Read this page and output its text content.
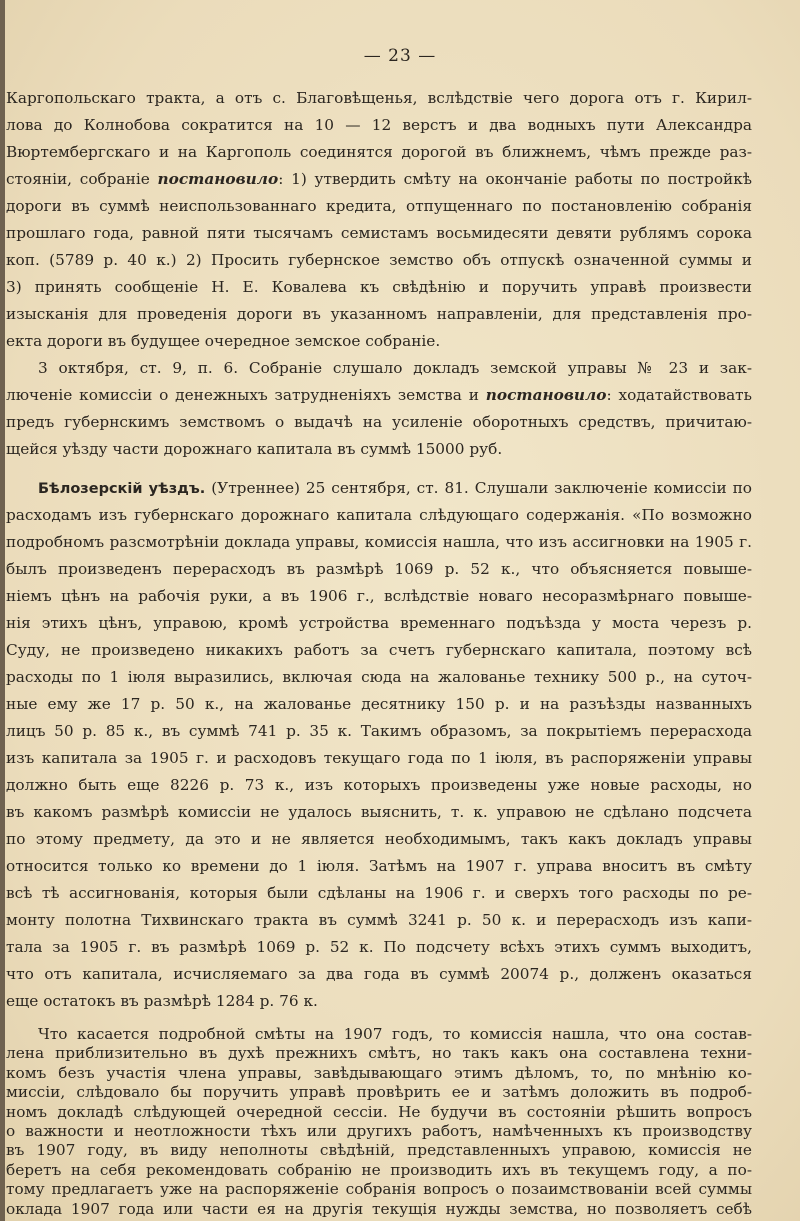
— 23 —
Каргопольскаго тракта, а отъ с. Благовѣщенья, вслѣдствіе чего дорога отъ г. Кирил-
лова до Колнобова сократится на 10 — 12 верстъ и два водныхъ пути Александра
Вюртембергскаго и на Каргополь соединятся дорогой въ ближнемъ, чѣмъ прежде раз-
стояніи, собраніе постановило: 1) утвердить смѣту на окончаніе работы по постройкѣ
дороги въ суммѣ неиспользованнаго кредита, отпущеннаго по постановленію собранія
прошлаго года, равной пяти тысячамъ семистамъ восьмидесяти девяти рублямъ сорока
коп. (5789 р. 40 к.) 2) Просить губернское земство объ отпускѣ означенной суммы и
3) принять сообщеніе Н. Е. Ковалева къ свѣдѣнію и поручить управѣ произвести
изысканія для проведенія дороги въ указанномъ направленіи, для представленія про-
екта дороги въ будущее очередное земское собраніе.
3 октября, ст. 9, п. 6. Собраніе слушало докладъ земской управы № 23 и зак-
люченіе комиссіи о денежныхъ затрудненіяхъ земства и постановило: ходатайствовать
предъ губернскимъ земствомъ о выдачѣ на усиленіе оборотныхъ средствъ, причитаю-
щейся уѣзду части дорожнаго капитала въ суммѣ 15000 руб.
Бѣлозерскій уѣздъ. (Утреннее) 25 сентября, ст. 81. Слушали заключеніе комиссіи по
расходамъ изъ губернскаго дорожнаго капитала слѣдующаго содержанія. «По возможно
подробномъ разсмотрѣніи доклада управы, комиссія нашла, что изъ ассигновки на 1905 г.
былъ произведенъ перерасходъ въ размѣрѣ 1069 р. 52 к., что объясняется повыше-
ніемъ цѣнъ на рабочія руки, а въ 1906 г., вслѣдствіе новаго несоразмѣрнаго повыше-
нія этихъ цѣнъ, управою, кромѣ устройства временнаго подъѣзда у моста черезъ р.
Суду, не произведено никакихъ работъ за счетъ губернскаго капитала, поэтому всѣ
расходы по 1 іюля выразились, включая сюда на жалованье технику 500 р., на суточ-
ные ему же 17 р. 50 к., на жалованье десятнику 150 р. и на разъѣзды названныхъ
лицъ 50 р. 85 к., въ суммѣ 741 р. 35 к. Такимъ образомъ, за покрытіемъ перерасхода
изъ капитала за 1905 г. и расходовъ текущаго года по 1 іюля, въ распоряженіи управы
должно быть еще 8226 р. 73 к., изъ которыхъ произведены уже новые расходы, но
въ какомъ размѣрѣ комиссіи не удалось выяснить, т. к. управою не сдѣлано подсчета
по этому предмету, да это и не является необходимымъ, такъ какъ докладъ управы
относится только ко времени до 1 іюля. Затѣмъ на 1907 г. управа вноситъ въ смѣту
всѣ тѣ ассигнованія, которыя были сдѣланы на 1906 г. и сверхъ того расходы по ре-
монту полотна Тихвинскаго тракта въ суммѣ 3241 р. 50 к. и перерасходъ изъ капи-
тала за 1905 г. въ размѣрѣ 1069 р. 52 к. По подсчету всѣхъ этихъ суммъ выходитъ,
что отъ капитала, исчисляемаго за два года въ суммѣ 20074 р., долженъ оказаться
еще остатокъ въ размѣрѣ 1284 р. 76 к.
Что касается подробной смѣты на 1907 годъ, то комиссія нашла, что она состав-
лена приблизительно въ духѣ прежнихъ смѣтъ, но такъ какъ она составлена техни-
комъ безъ участія члена управы, завѣдывающаго этимъ дѣломъ, то, по мнѣнію ко-
миссіи, слѣдовало бы поручить управѣ провѣрить ее и затѣмъ доложить въ подроб-
номъ докладѣ слѣдующей очередной сессіи. Не будучи въ состояніи рѣшить вопросъ
о важности и неотложности тѣхъ или другихъ работъ, намѣченныхъ къ производству
въ 1907 году, въ виду неполноты свѣдѣній, представленныхъ управою, комиссія не
беретъ на себя рекомендовать собранію не производить ихъ въ текущемъ году, а по-
тому предлагаетъ уже на распоряженіе собранія вопросъ о позаимствованіи всей суммы
оклада 1907 года или части ея на другія текущія нужды земства, но позволяетъ себѣ
